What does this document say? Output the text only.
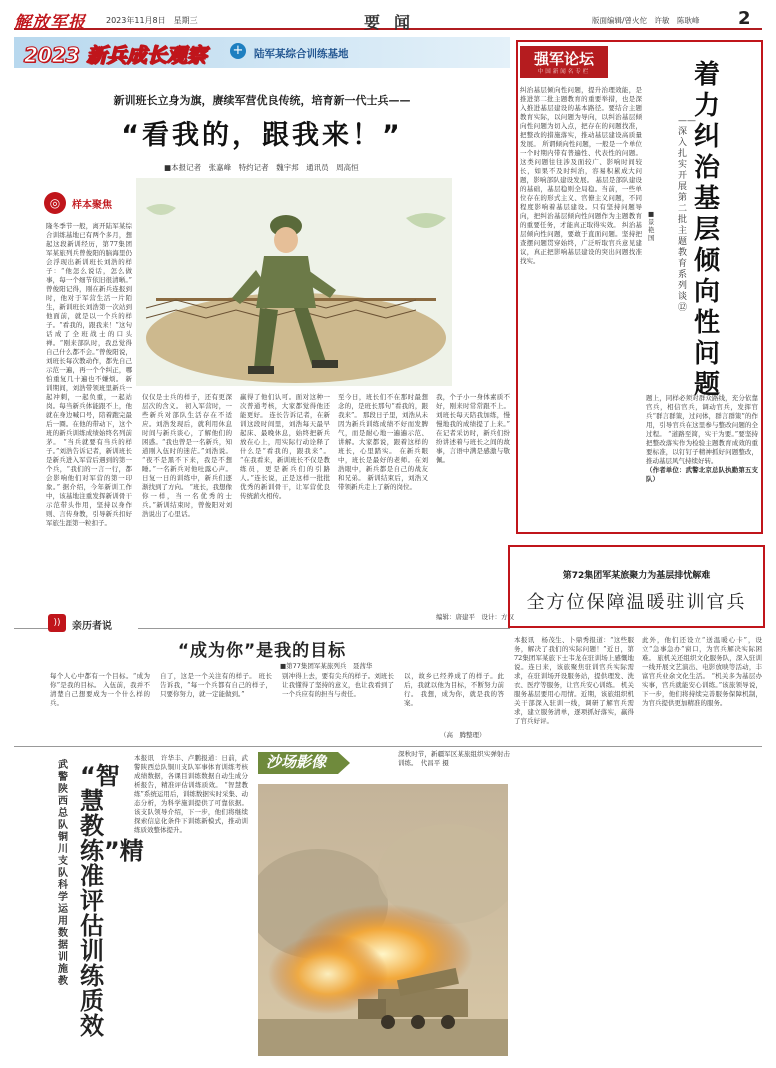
解放军报	2023年11月8日　星期三	要闻	版面编辑/曾火佗　许敏　陈耿峰 2
2023 新兵成长观察 + 陆军某综合训练基地
新训班长立身为旗，赓续军营优良传统，培育新一代士兵——
“看我的，跟我来！”
■本报记者　张嘉峰　特约记者　魏宇邦　通讯员　周高恒
◎	样本聚焦
隆冬季节一般，离开陆军某综合训练基地已有两个多月，想起这段新训经历，第77集团军某旅列兵曾俊阳的脑海里仍会浮现出新训班长刘浩的样子：“他怎么说话，怎么做事，每一个细节依旧很清晰。” 曾俊阳记得，刚在新兵连报到时，他对于军营生活一片陌生，新训班长刘浩第一次站到他面前，就是以一个兵的样子。“看我的，跟我来！”这句话成了全班战士的口头禅。“刚来部队时，我总觉得自己什么都不会。”曾俊阳说，刘班长每次教动作，都先自己示范一遍，再一个个纠正，哪怕重复几十遍也不嫌烦。 新训期间，刘浩带领班里新兵一起冲刺，一起负重，一起站岗。每当新兵体能跟不上，他就在身边喊口号，陪着跑完最后一圈。在他的带动下，这个班的新兵训练成绩始终名列前茅。 “当兵就要有当兵的样子。”刘浩告诉记者，新训班长是新兵进入军营后遇到的第一个兵，“我们的一言一行，都会影响他们对军营的第一印象。” 据介绍，今年新训工作中，该基地注重发挥新训骨干示范带头作用，坚持以身作则、言传身教，引导新兵扣好军旅生涯第一粒扣子。
仅仅是士兵的样子，还有更深层次的含义。 初入军营时，一些新兵对部队生活存在不适应。刘浩发现后，就利用休息时间与新兵谈心，了解他们的困惑。“我也曾是一名新兵，知道刚入伍时的迷茫。”刘浩说。 “夜不是黑不下来，我是不想睡。”一名新兵对他吐露心声。 日复一日的训练中，新兵们逐渐找到了方向。 “班长，我想像你一样，当一名优秀的士兵。”新训结束时，曾俊阳对刘浩说出了心里话。
赢得了他们认可。面对这种一次普通考核，大家都觉得他还能更好。 连长告诉记者，在新训这段时间里，刘浩每天最早起床、最晚休息，始终把新兵放在心上，用实际行动诠释了什么是“看我的，跟我来”。 “在我看来，新训班长不仅是教练员，更是新兵们的引路人。”连长说，正是这样一批批优秀的新训骨干，让军营优良传统薪火相传。
至今日，班长们不在那时最想念的，是班长那句“看我的，跟我来”。 那段日子里，刘浩从未因为新兵训练成绩不好而发脾气，而是耐心地一遍遍示范、讲解。大家都说，跟着这样的班长，心里踏实。 在新兵眼中，班长是最好的老师。在刘浩眼中，新兵都是自己的战友和兄弟。 新训结束后，刘浩又带领新兵走上了新的岗位。
我，个子小一身体素质不好，刚来时常常跟不上。刘班长每天陪我加练，慢慢地我的成绩提了上来。” 在记者采访时，新兵们纷纷讲述着与班长之间的故事，言语中满是感激与敬佩。
编辑：唐建平　设计：方汉
强军论坛
中国新闻名专栏	着力纠治基层倾向性问题
——深入扎实开展第二批主题教育系列谈⑫
■景艳国
纠治基层倾向性问题，提升治理效能，是推进第二批主题教育的重要举措，也是深入推进基层建设的基本路径。要结合主题教育实际，以问题为导向，以纠治基层倾向性问题为切入点，把存在的问题找准，把整改的措施落实，推动基层建设高质量发展。 所谓倾向性问题，一般是一个单位一个时期内带有普遍性、代表性的问题。这类问题往往涉及面较广、影响时间较长，如果不及时纠治，容易积累成大问题，影响部队建设发展。 基层是部队建设的基础，基层稳则全局稳。当前，一些单位存在的形式主义、官僚主义问题，不同程度影响着基层建设。只有坚持问题导向，把纠治基层倾向性问题作为主题教育的重要任务，才能真正取得实效。 纠治基层倾向性问题，要敢于直面问题。坚持把查摆问题贯穿始终，广泛听取官兵意见建议，真正把影响基层建设的突出问题找准找实。
题上，同样必须对群众路线，充分依靠官兵，相信官兵，调动官兵，发挥官兵“群言群策，过问体，群言群策”的作用，引导官兵在这里参与整改问题的全过程。 “道路至简，实干为要。”要坚持把整改落实作为检验主题教育成效的重要标准，以钉钉子精神抓好问题整改，推动基层风气持续好转。
（作者单位：武警北京总队执勤第五支队）
第72集团军某旅聚力为基层排忧解难
全方位保障温暖驻训官兵
本报讯　杨茂生、卜鼎秀报道：“这些服务，解决了我们的实际问题！”近日，第72集团军某旅下士韦龙在驻训场上感慨地说。连日来，该旅聚焦驻训官兵实际需求，在驻训场开设服务站，提供理发、洗衣、医疗等服务，让官兵安心训练。 机关服务基层要用心用情。近期，该旅组织机关干部深入驻训一线，调研了解官兵需求，建立服务清单，逐项抓好落实，赢得了官兵好评。
此外，他们还设立“送温暖心卡”，设立“急事急办”窗口，为官兵解决实际困难。 旅机关还组织文化服务队，深入驻训一线开展文艺演出、电影放映等活动，丰富官兵业余文化生活。 “机关多为基层办实事，官兵就能安心训练。”该旅领导说，下一步，他们将持续完善服务保障机制，为官兵提供更加精准的服务。
))	亲历者说
“成为你”是我的目标
■第77集团军某旅列兵　聂茜华
每个人心中都有一个目标。“成为你”是我的目标。 入伍前，我并不清楚自己想要成为一个什么样的兵。
自了，这是一个关注有的样子。 班长告诉我，“每一个兵都有自己的样子，只要你努力，就一定能做到。”
别冲得上去，要有尖兵的样子。刘班长让我懂得了坚持的意义，也让我看到了一个兵应有的担当与责任。
以，故乡已经养成了的样子。此后，我就以他为目标，不断努力前行。 我想，成为你，就是我的答案。
（高　腾整理）
武警陕西总队铜川支队科学运用数据训施教
“智慧教练”精准评估训练质效
本报讯　许华丰、卢鹏报道：日前，武警陕西总队铜川支队军事体育训练考核成绩数据，各课目训练数据自动生成分析报告，精准评估训练质效。 “智慧教练”系统运用后，训练数据实时采集、动态分析，为科学施训提供了可靠依据。该支队领导介绍，下一步，他们将继续探索信息化条件下训练新模式，推动训练质效整体提升。
沙场影像	深秋时节，新疆军区某旅组织实弹射击训练。　代昌平 摄
